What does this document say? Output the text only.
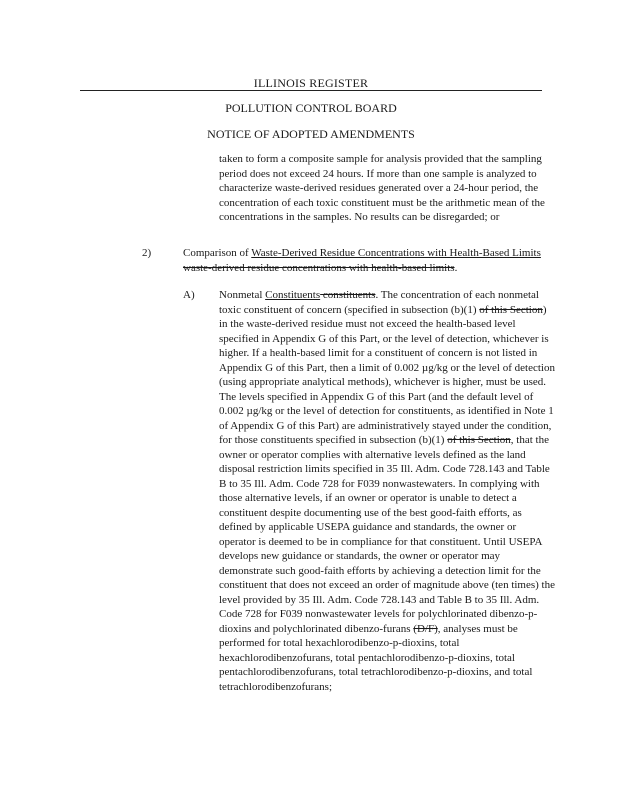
ILLINOIS REGISTER
POLLUTION CONTROL BOARD
NOTICE OF ADOPTED AMENDMENTS

taken to form a composite sample for analysis provided that the sampling period does not exceed 24 hours. If more than one sample is analyzed to characterize waste-derived residues generated over a 24-hour period, the concentration of each toxic constituent must be the arithmetic mean of the concentrations in the samples. No results can be disregarded; or

2)	Comparison of Waste-Derived Residue Concentrations with Health-Based Limits waste-derived residue concentrations with health-based limits.

A) Nonmetal Constituents constituents. The concentration of each nonmetal toxic constituent of concern (specified in subsection (b)(1) of this Section) in the waste-derived residue must not exceed the health-based level specified in Appendix G of this Part, or the level of detection, whichever is higher. If a health-based limit for a constituent of concern is not listed in Appendix G of this Part, then a limit of 0.002 µg/kg or the level of detection (using appropriate analytical methods), whichever is higher, must be used. The levels specified in Appendix G of this Part (and the default level of 0.002 µg/kg or the level of detection for constituents, as identified in Note 1 of Appendix G of this Part) are administratively stayed under the condition, for those constituents specified in subsection (b)(1) of this Section, that the owner or operator complies with alternative levels defined as the land disposal restriction limits specified in 35 Ill. Adm. Code 728.143 and Table B to 35 Ill. Adm. Code 728 for F039 nonwastewaters. In complying with those alternative levels, if an owner or operator is unable to detect a constituent despite documenting use of the best good-faith efforts, as defined by applicable USEPA guidance and standards, the owner or operator is deemed to be in compliance for that constituent. Until USEPA develops new guidance or standards, the owner or operator may demonstrate such good-faith efforts by achieving a detection limit for the constituent that does not exceed an order of magnitude above (ten times) the level provided by 35 Ill. Adm. Code 728.143 and Table B to 35 Ill. Adm. Code 728 for F039 nonwastewater levels for polychlorinated dibenzo-p-dioxins and polychlorinated dibenzo-furans (D/F), analyses must be performed for total hexachlorodibenzo-p-dioxins, total hexachlorodibenzofurans, total pentachlorodibenzo-p-dioxins, total pentachlorodibenzofurans, total tetrachlorodibenzo-p-dioxins, and total tetrachlorodibenzofurans;
